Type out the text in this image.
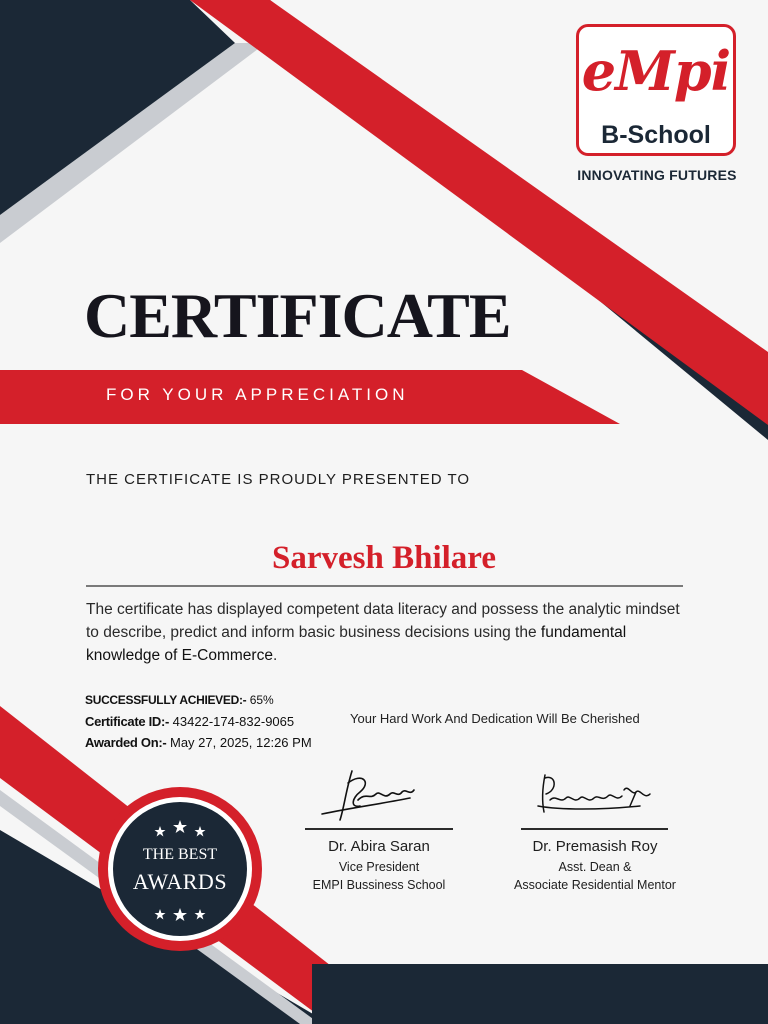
eMpi
B-School
INNOVATING FUTURES
CERTIFICATE
FOR YOUR APPRECIATION
THE CERTIFICATE IS PROUDLY PRESENTED TO
Sarvesh Bhilare
The certificate has displayed competent data literacy and possess the analytic mindset to describe, predict and inform basic business decisions using the fundamental knowledge of E-Commerce.
SUCCESSFULLY ACHIEVED:- 65%
Certificate ID:- 43422-174-832-9065
Awarded On:- May 27, 2025, 12:26 PM
Your Hard Work And Dedication Will Be Cherished
Dr. Abira Saran
Vice President
EMPI Bussiness School
Dr. Premasish Roy
Asst. Dean &
Associate Residential Mentor
THE BEST
AWARDS
